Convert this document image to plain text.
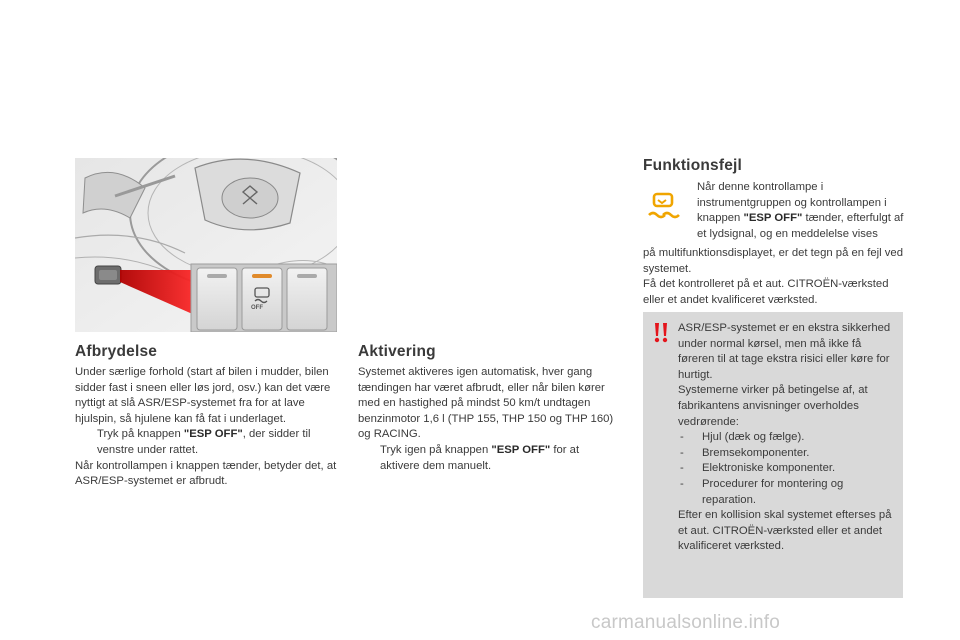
OFF
Afbrydelse

Under særlige forhold (start af bilen i mudder, bilen sidder fast i sneen eller løs jord, osv.) kan det være nyttigt at slå ASR/ESP-systemet fra for at lave hjulspin, så hjulene kan få fat i underlaget.

Tryk på knappen "ESP OFF", der sidder til venstre under rattet.

Når kontrollampen i knappen tænder, betyder det, at ASR/ESP-systemet er afbrudt.

Aktivering

Systemet aktiveres igen automatisk, hver gang tændingen har været afbrudt, eller når bilen kører med en hastighed på mindst 50 km/t undtagen benzinmotor 1,6 l (THP 155, THP 150 og THP 160) og RACING.

Tryk igen på knappen "ESP OFF" for at aktivere dem manuelt.
Funktionsfejl
Når denne kontrollampe i instrumentgruppen og kontrollampen i knappen "ESP OFF" tænder, efterfulgt af et lydsignal, og en meddelelse vises

på multifunktionsdisplayet, er det tegn på en fejl ved systemet.

Få det kontrolleret på et aut. CITROËN-værksted eller et andet kvalificeret værksted.

ASR/ESP-systemet er en ekstra sikkerhed under normal kørsel, men må ikke få føreren til at tage ekstra risici eller køre for hurtigt.

Systemerne virker på betingelse af, at fabrikantens anvisninger overholdes vedrørende:

-	Hjul (dæk og fælge).
-	Bremsekomponenter.
-	Elektroniske komponenter.
-	Procedurer for montering og reparation.

Efter en kollision skal systemet efterses på et aut. CITROËN-værksted eller et andet kvalificeret værksted.

carmanualsonline.info
